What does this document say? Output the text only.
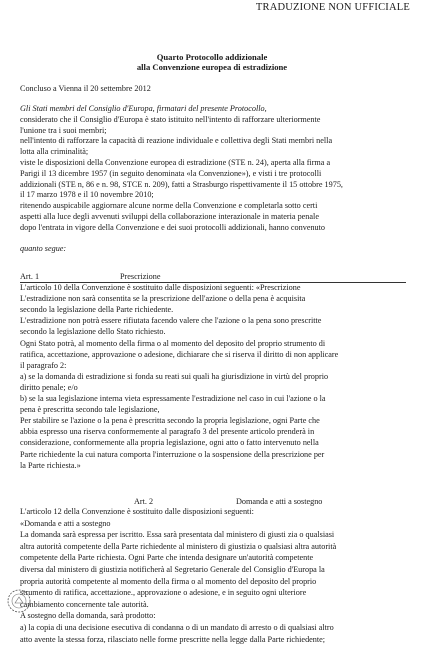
TRADUZIONE NON UFFICIALE
Quarto Protocollo addizionale
alla Convenzione europea di estradizione
Concluso a Vienna il 20 settembre 2012
Gli Stati membri del Consiglio d'Europa, firmatari del presente Protocollo,
considerato che il Consiglio d'Europa è stato istituito nell'intento di rafforzare ulteriormente
l'unione tra i suoi membri;
nell'intento di rafforzare la capacità di reazione individuale e collettiva degli Stati membri nella
lotta alla criminalità;
viste le disposizioni della Convenzione europea di estradizione (STE n. 24), aperta alla firma a
Parigi il 13 dicembre 1957 (in seguito denominata «la Convenzione»), e visti i tre protocolli
addizionali (STE n, 86 e n. 98, STCE n. 209), fatti a Strasburgo rispettivamente il 15 ottobre 1975,
il 17 marzo 1978 e il 10 novembre 2010;
ritenendo auspicabile aggiornare alcune norme della Convenzione e completarla sotto certi
aspetti alla luce degli avvenuti sviluppi della collaborazione interazionale in materia penale
dopo l'entrata in vigore della Convenzione e dei suoi protocolli addizionali, hanno convenuto
quanto segue:
Art. 1	Prescrizione
L'articolo 10 della Convenzione è sostituito dalle disposizioni seguenti: «Prescrizione
L'estradizione non sarà consentita se la prescrizione dell'azione o della pena è acquisita
secondo la legislazione della Parte richiedente.
L'estradizione non potrà essere rifiutata facendo valere che l'azione o la pena sono prescritte
secondo la legislazione dello Stato richiesto.
Ogni Stato potrà, al momento della firma o al momento del deposito del proprio strumento di
ratifica, accettazione, approvazione o adesione, dichiarare che si riserva il diritto di non applicare
il paragrafo 2:
a) se la domanda di estradizione si fonda su reati sui quali ha giurisdizione in virtù del proprio
diritto penale; e/o
b) se la sua legislazione interna vieta espressamente l'estradizione nel caso in cui l'azione o la
pena è prescritta secondo tale legislazione,
Per stabilire se l'azione o la pena è prescritta secondo la propria legislazione, ogni Parte che
abbia espresso una riserva conformemente al paragrafo 3 del presente articolo prenderà in
considerazione, conformemente alla propria legislazione, ogni atto o fatto intervenuto nella
Parte richiedente la cui natura comporta l'interruzione o la sospensione della prescrizione per
la Parte richiesta.»
Art. 2	Domanda e atti a sostegno
L'articolo 12 della Convenzione è sostituito dalle disposizioni seguenti:
«Domanda e atti a sostegno
La domanda sarà espressa per iscritto. Essa sarà presentata dal ministero di giusti zia o qualsiasi
altra autorità competente della Parte richiedente al ministero di giustizia o qualsiasi altra autorità
competente della Parte richiesta. Ogni Parte che intenda designare un'autorità competente
diversa dal ministero di giustizia notificherà al Segretario Generale del Consiglio d'Europa la
propria autorità competente al momento della firma o al momento del deposito del proprio
strumento di ratifica, accettazione., approvazione o adesione, e in seguito ogni ulteriore
cambiamento concernente tale autorità.
A sostegno della domanda, sarà prodotto:
a) la copia di una decisione esecutiva di condanna o di un mandato di arresto o di qualsiasi altro
atto avente la stessa forza, rilasciato nelle forme prescritte nella legge dalla Parte richiedente;
